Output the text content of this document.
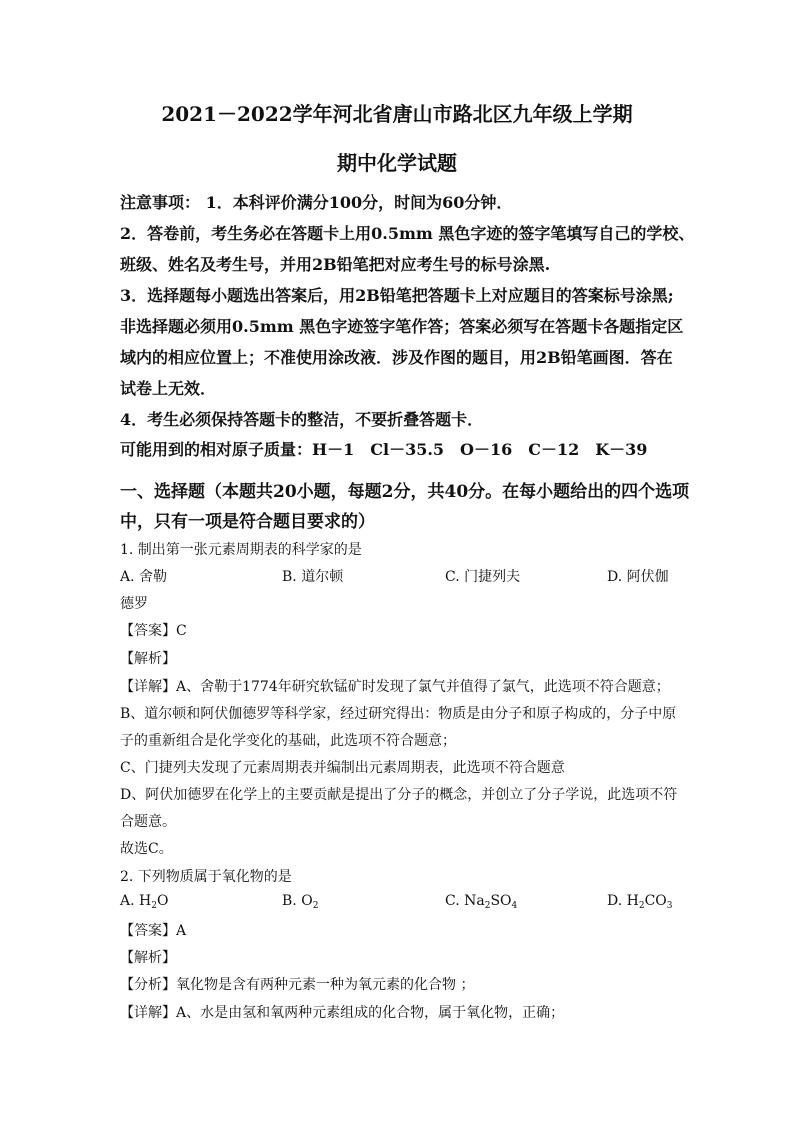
2021－2022学年河北省唐山市路北区九年级上学期
期中化学试题
注意事项： 1．本科评价满分100分，时间为60分钟．
2．答卷前，考生务必在答题卡上用0.5mm 黑色字迹的签字笔填写自己的学校、
班级、姓名及考生号，并用2B铅笔把对应考生号的标号涂黑.
3．选择题每小题选出答案后，用2B铅笔把答题卡上对应题目的答案标号涂黑;
非选择题必须用0.5mm 黑色字迹签字笔作答；答案必须写在答题卡各题指定区
域内的相应位置上；不准使用涂改液．涉及作图的题目，用2B铅笔画图．答在
试卷上无效．
4．考生必须保持答题卡的整洁，不要折叠答题卡．
可能用到的相对原子质量：H－1　Cl－35.5　O－16　C－12　K－39
一、选择题（本题共20小题，每题2分，共40分。在每小题给出的四个选项
中，只有一项是符合题目要求的）
1. 制出第一张元素周期表的科学家的是
A. 舍勒	B. 道尔顿	C. 门捷列夫	D. 阿伏伽
德罗
【答案】C
【解析】
【详解】A、舍勒于1774年研究软锰矿时发现了氯气并值得了氯气，此选项不符合题意；
B、道尔顿和阿伏伽德罗等科学家，经过研究得出：物质是由分子和原子构成的，分子中原
子的重新组合是化学变化的基础，此选项不符合题意；
C、门捷列夫发现了元素周期表并编制出元素周期表，此选项不符合题意
D、阿伏加德罗在化学上的主要贡献是提出了分子的概念，并创立了分子学说，此选项不符
合题意。
故选C。
2. 下列物质属于氧化物的是
A. $H_2O$	B. $O_2$	C. $Na_2SO_4$	D. $H_2CO_3$
【答案】A
【解析】
【分析】氧化物是含有两种元素一种为氧元素的化合物 ；
【详解】A、水是由氢和氧两种元素组成的化合物，属于氧化物，正确；
